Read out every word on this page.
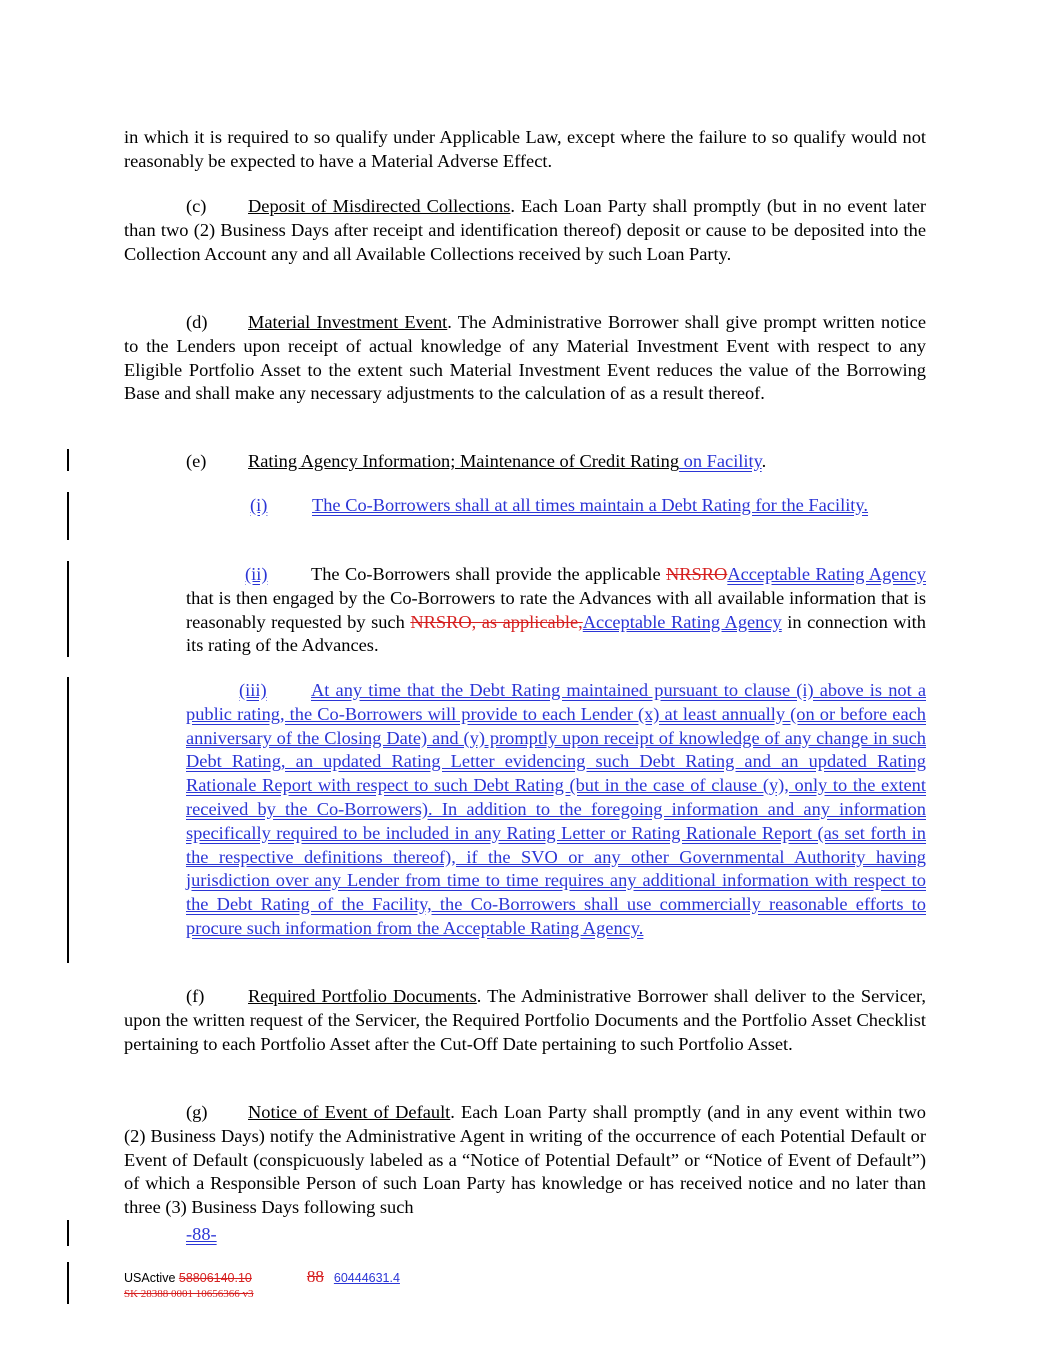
in which it is required to so qualify under Applicable Law, except where the failure to so qualify would not reasonably be expected to have a Material Adverse Effect.

(c) Deposit of Misdirected Collections. Each Loan Party shall promptly (but in no event later than two (2) Business Days after receipt and identification thereof) deposit or cause to be deposited into the Collection Account any and all Available Collections received by such Loan Party.

(d) Material Investment Event. The Administrative Borrower shall give prompt written notice to the Lenders upon receipt of actual knowledge of any Material Investment Event with respect to any Eligible Portfolio Asset to the extent such Material Investment Event reduces the value of the Borrowing Base and shall make any necessary adjustments to the calculation of as a result thereof.

(e) Rating Agency Information; Maintenance of Credit Rating on Facility.

(i) The Co-Borrowers shall at all times maintain a Debt Rating for the Facility.

(ii) The Co-Borrowers shall provide the applicable NRSROAcceptable Rating Agency that is then engaged by the Co-Borrowers to rate the Advances with all available information that is reasonably requested by such NRSRO, as applicable,Acceptable Rating Agency in connection with its rating of the Advances.

(iii) At any time that the Debt Rating maintained pursuant to clause (i) above is not a public rating, the Co-Borrowers will provide to each Lender (x) at least annually (on or before each anniversary of the Closing Date) and (y) promptly upon receipt of knowledge of any change in such Debt Rating, an updated Rating Letter evidencing such Debt Rating and an updated Rating Rationale Report with respect to such Debt Rating (but in the case of clause (y), only to the extent received by the Co-Borrowers). In addition to the foregoing information and any information specifically required to be included in any Rating Letter or Rating Rationale Report (as set forth in the respective definitions thereof), if the SVO or any other Governmental Authority having jurisdiction over any Lender from time to time requires any additional information with respect to the Debt Rating of the Facility, the Co-Borrowers shall use commercially reasonable efforts to procure such information from the Acceptable Rating Agency.

(f) Required Portfolio Documents. The Administrative Borrower shall deliver to the Servicer, upon the written request of the Servicer, the Required Portfolio Documents and the Portfolio Asset Checklist pertaining to each Portfolio Asset after the Cut-Off Date pertaining to such Portfolio Asset.

(g) Notice of Event of Default. Each Loan Party shall promptly (and in any event within two (2) Business Days) notify the Administrative Agent in writing of the occurrence of each Potential Default or Event of Default (conspicuously labeled as a “Notice of Potential Default” or “Notice of Event of Default”) of which a Responsible Person of such Loan Party has knowledge or has received notice and no later than three (3) Business Days following such

-88-
USActive 58806140.10	88 60444631.4
SK 28388 0001 10656366 v3
